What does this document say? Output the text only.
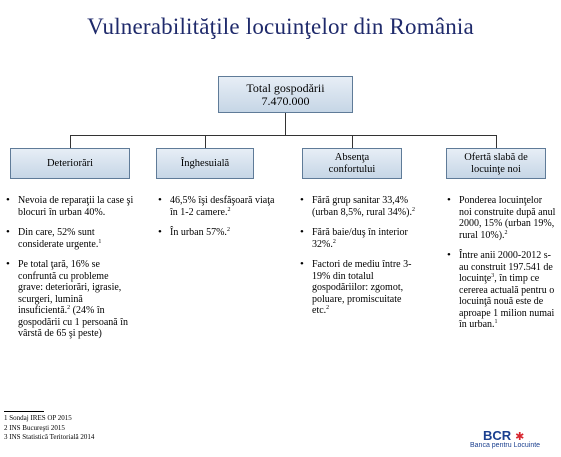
Vulnerabilităţile locuinţelor din România
Total gospodării
7.470.000
Deteriorări	Înghesuială
Absenţa
confortului
Ofertă slabă de
locuinţe noi
• Nevoia de reparaţii la case şi blocuri în urban 40%.
• Din care, 52% sunt considerate urgente.$^1$
• Pe total ţară, 16% se confruntă cu probleme grave: deteriorări, igrasie, scurgeri, lumină insuficientă.$^2$ (24% în gospodării cu 1 persoană în vârstă de 65 şi peste)
• 46,5% îşi desfăşoară viaţa în 1-2 camere.$^2$
• În urban 57%.$^2$
• Fără grup sanitar 33,4% (urban 8,5%, rural 34%).$^2$
• Fără baie/duş în interior 32%.$^2$
• Factori de mediu între 3-19% din totalul gospodăriilor: zgomot, poluare, promiscuitate etc.$^2$
• Ponderea locuinţelor noi construite după anul 2000, 15% (urban 19%, rural 10%).$^2$
• Între anii 2000-2012 s-au construit 197.541 de locuinţe$^3$, în timp ce cererea actuală pentru o locuinţă nouă este de aproape 1 milion numai în urban.$^1$
1 Sondaj IRES OP 2015
2 INS Bucureşti 2015
3 INS Statistică Teritorială 2014	BCR ✱
Banca pentru Locuinte
